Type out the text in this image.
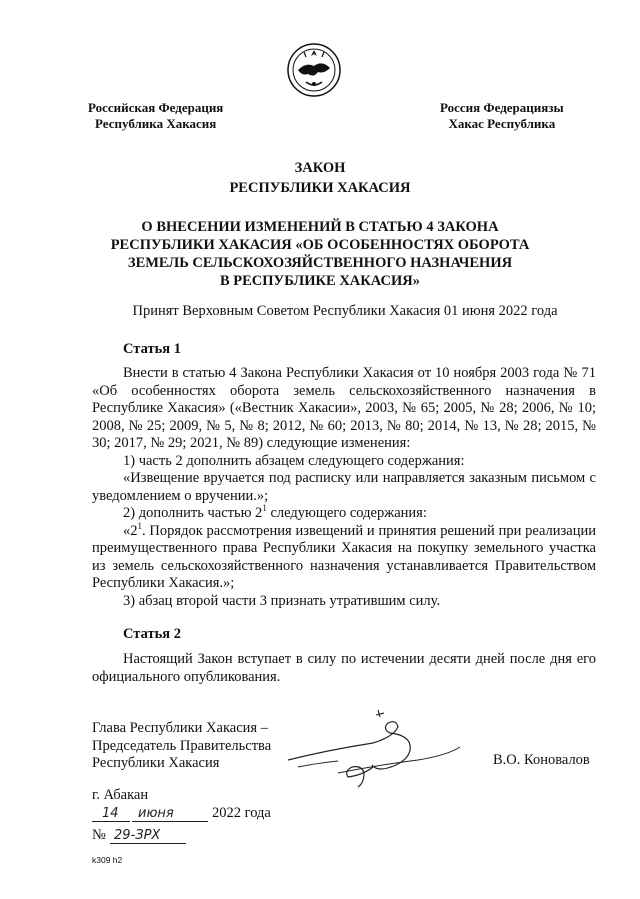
Российская Федерация
Республика Хакасия
Россия Федерациязы
Хакас Республика
ЗАКОН
РЕСПУБЛИКИ ХАКАСИЯ
О ВНЕСЕНИИ ИЗМЕНЕНИЙ В СТАТЬЮ 4 ЗАКОНА
РЕСПУБЛИКИ ХАКАСИЯ «ОБ ОСОБЕННОСТЯХ ОБОРОТА
ЗЕМЕЛЬ СЕЛЬСКОХОЗЯЙСТВЕННОГО НАЗНАЧЕНИЯ
В РЕСПУБЛИКЕ ХАКАСИЯ»
Принят Верховным Советом Республики Хакасия 01 июня 2022 года
Статья 1

Внести в статью 4 Закона Республики Хакасия от 10 ноября 2003 года № 71 «Об особенностях оборота земель сельскохозяйственного назначения в Республике Хакасия» («Вестник Хакасии», 2003, № 65; 2005, № 28; 2006, № 10; 2008, № 25; 2009, № 5, № 8; 2012, № 60; 2013, № 80; 2014, № 13, № 28; 2015, № 30; 2017, № 29; 2021, № 89) следующие изменения:

1) часть 2 дополнить абзацем следующего содержания:

«Извещение вручается под расписку или направляется заказным письмом с уведомлением о вручении.»;

2) дополнить частью $2^1$ следующего содержания:

«$2^1$. Порядок рассмотрения извещений и принятия решений при реализации преимущественного права Республики Хакасия на покупку земельного участка из земель сельскохозяйственного назначения устанавливается Правительством Республики Хакасия.»;

3) абзац второй части 3 признать утратившим силу.

Статья 2

Настоящий Закон вступает в силу по истечении десяти дней после дня его официального опубликования.

Глава Республики Хакасия –
Председатель Правительства
Республики Хакасия	В.О. Коновалов
г. Абакан
14 июня	2022 года
№ 29-ЗРХ
k309 h2
